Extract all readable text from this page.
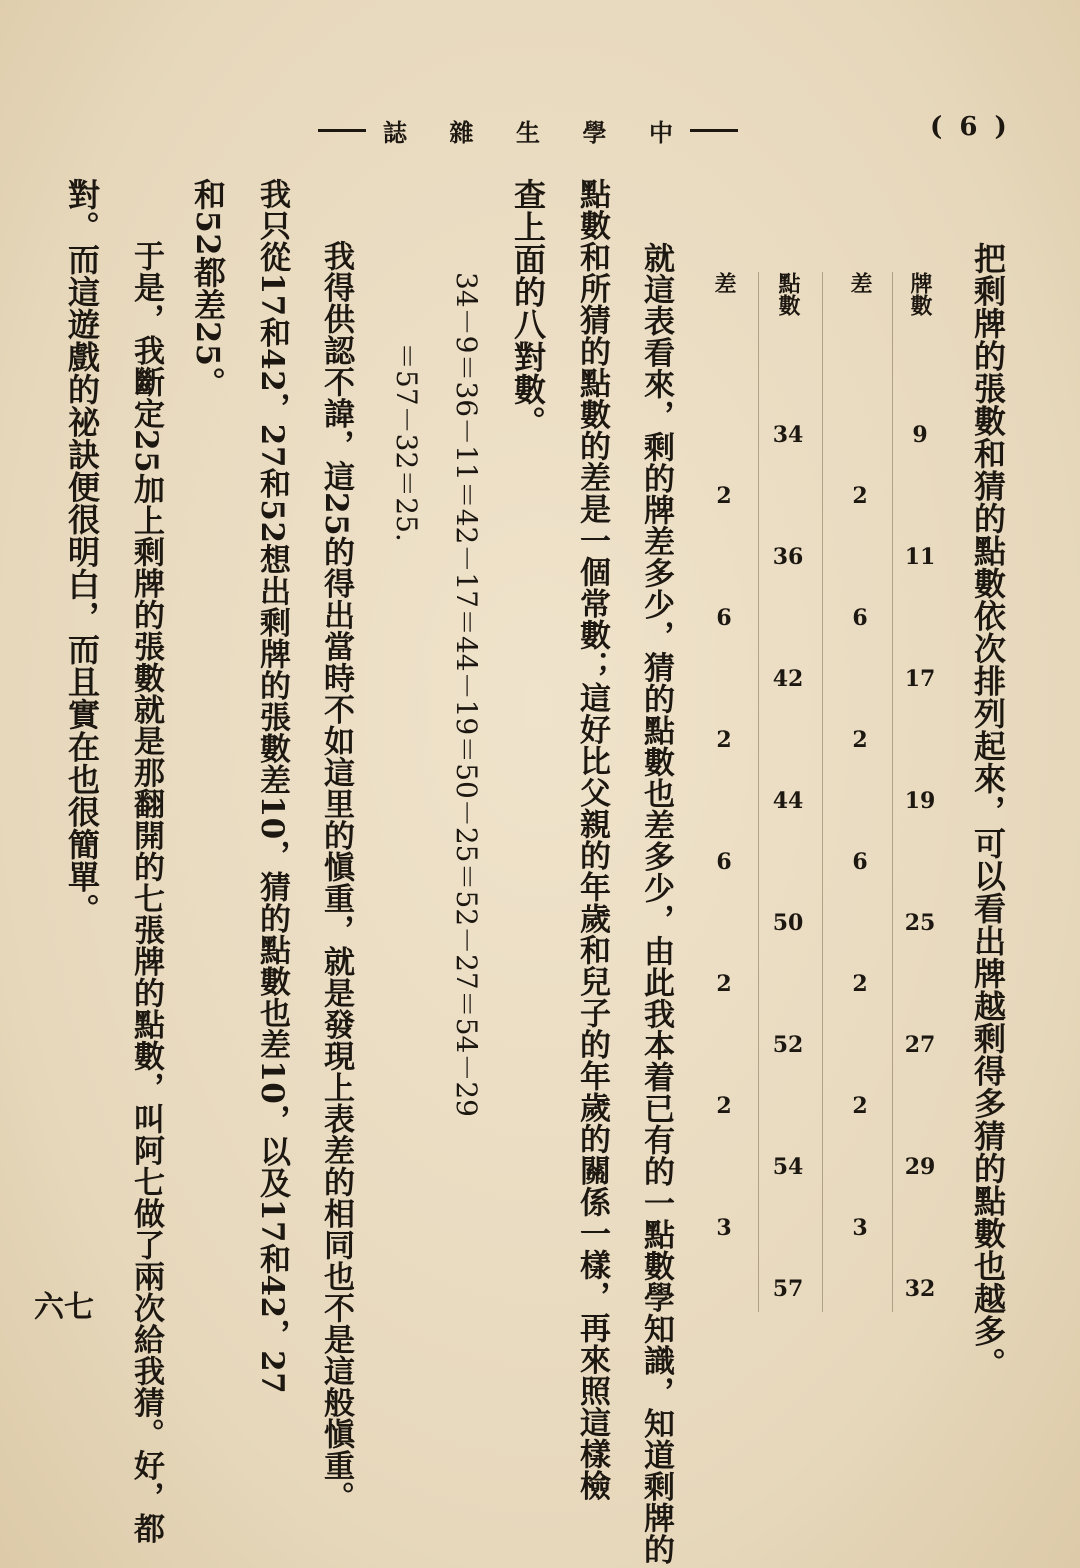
( 6 )
中
學
生
雜
誌
把剩牌的張數和猜的點數依次排列起來，可以看出牌越剩得多猜的點數也越多。
牌數
9
11
17
19
25
27
29
32
差
2
6
2
6
2
2
3
點數
34
36
42
44
50
52
54
57
差
2
6
2
6
2
2
3
就這表看來，剩的牌差多少，猜的點數也差多少，由此我本着已有的一點數學知識，知道剩牌的
點數和所猜的點數的差是一個常數；這好比父親的年歲和兒子的年歲的關係一樣，再來照這樣檢
查上面的八對數。
34－9＝36－11＝42－17＝44－19＝50－25＝52－27＝54－29
＝57－32＝25.
我得供認不諱，這25的得出當時不如這里的愼重，就是發現上表差的相同也不是這般愼重。
我只從17和42，27和52想出剩牌的張數差10，猜的點數也差10，以及17和42，27
和52都差25。
于是，我斷定25加上剩牌的張數就是那翻開的七張牌的點數，叫阿七做了兩次給我猜。好，都
對。而這遊戲的祕訣便很明白，而且實在也很簡單。
六七
